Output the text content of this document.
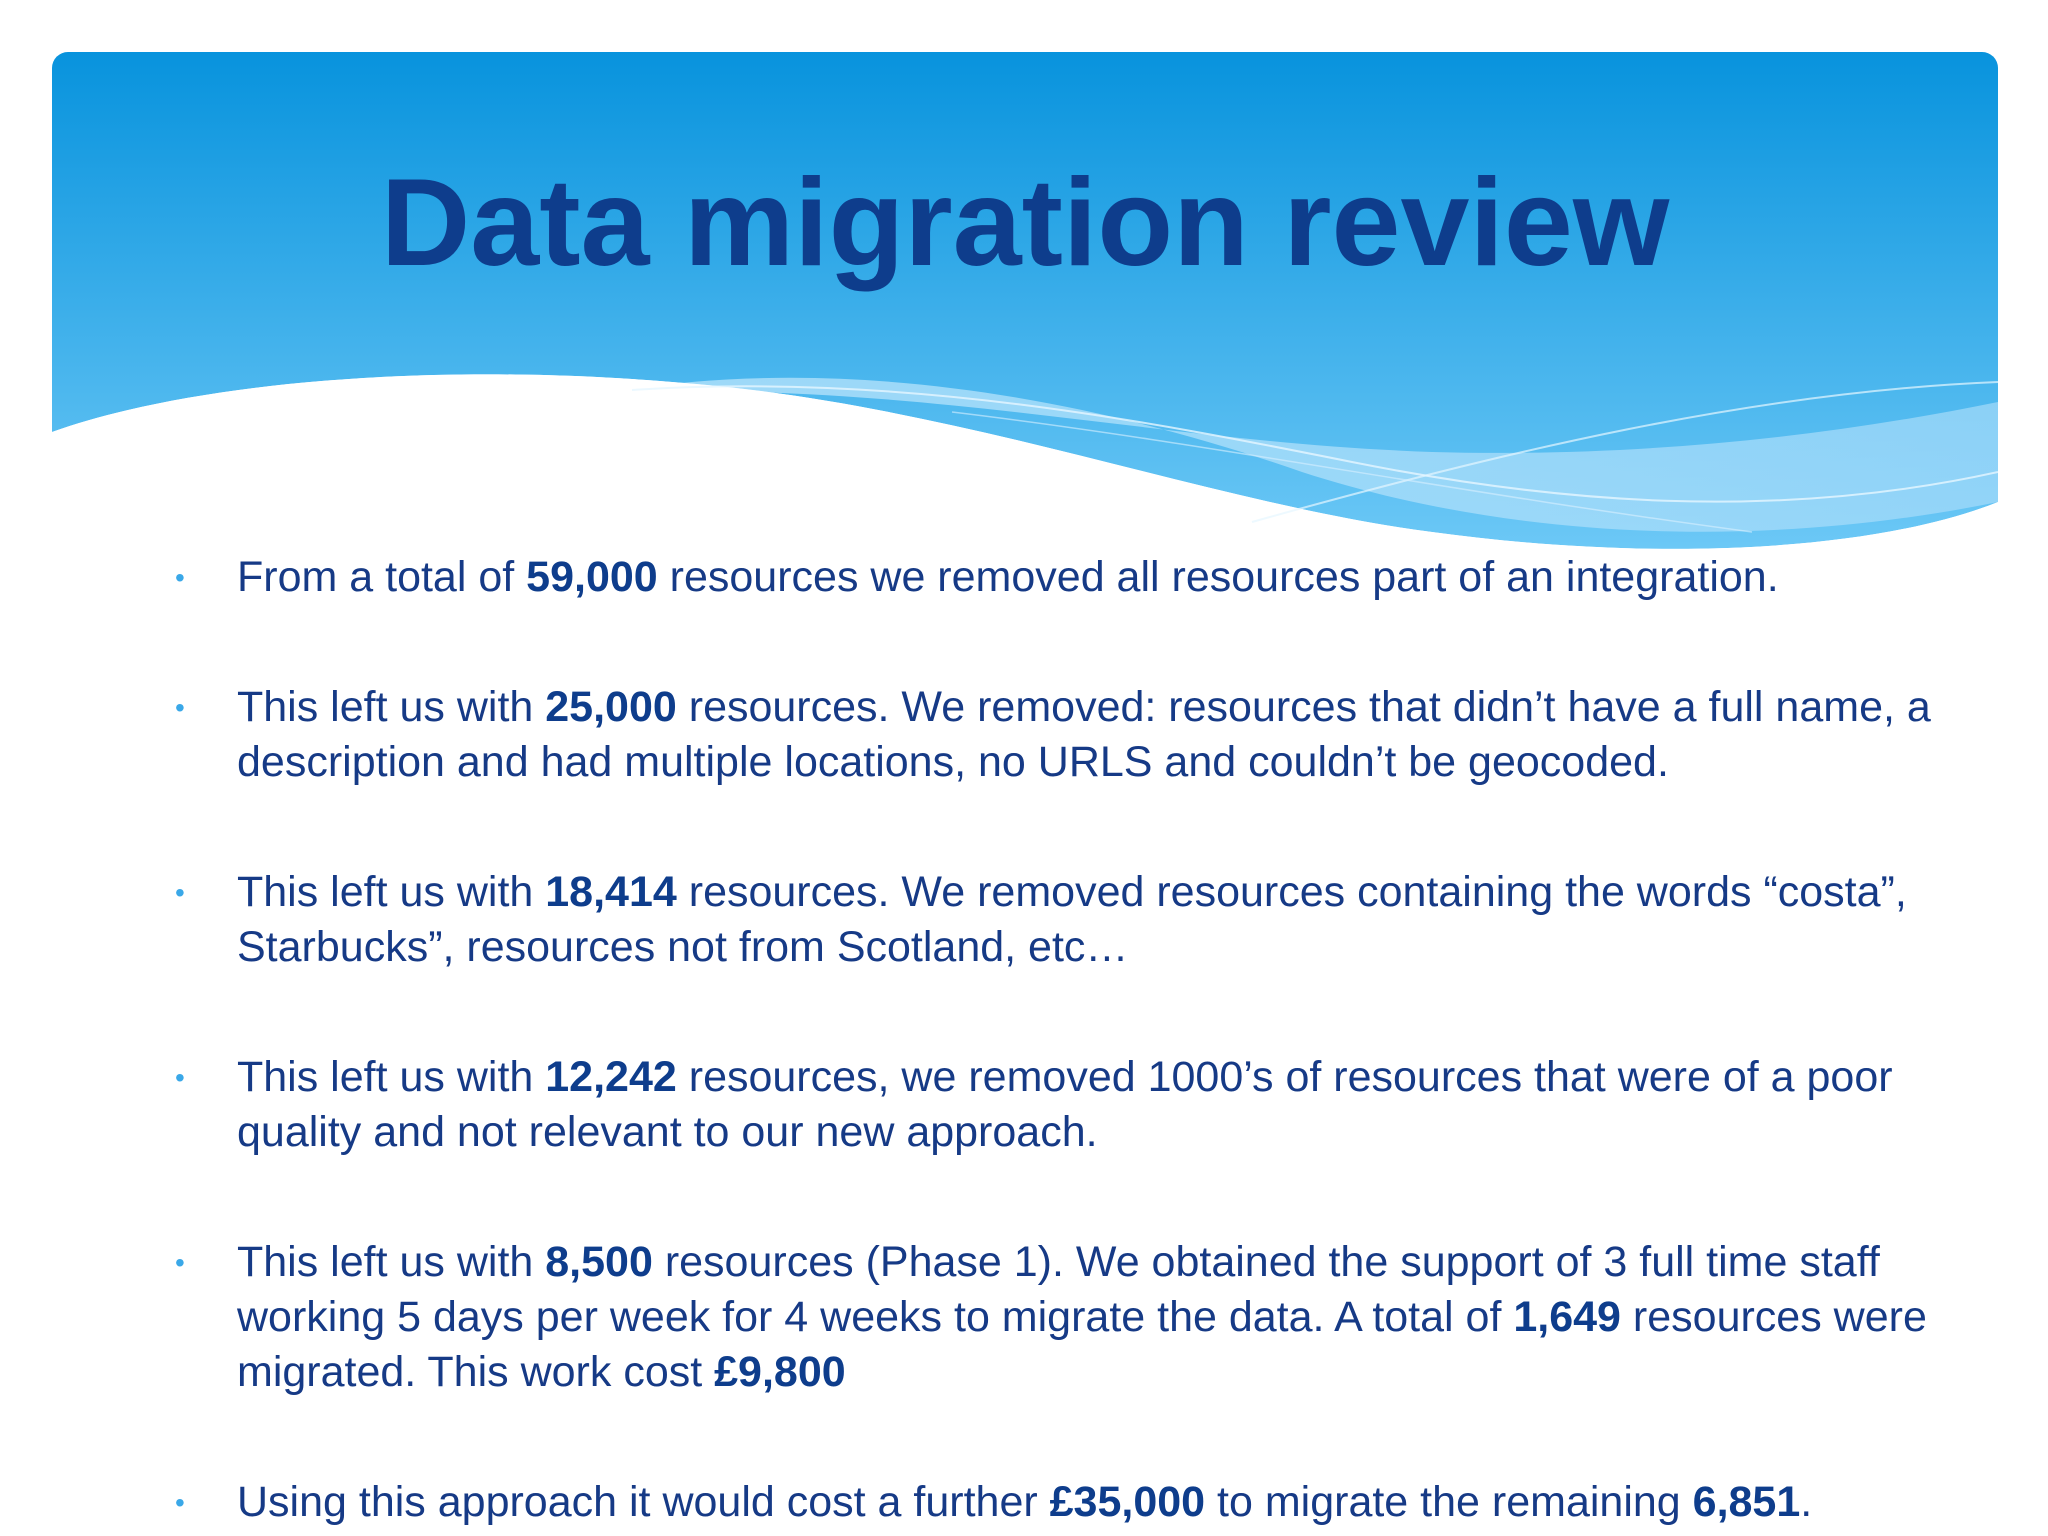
Data migration review
• From a total of 59,000 resources we removed all resources part of an integration.
• This left us with 25,000 resources. We removed: resources that didn’t have a full name, a description and had multiple locations, no URLS and couldn’t be geocoded.
• This left us with 18,414 resources. We removed resources containing the words “costa”, Starbucks”, resources not from Scotland, etc…
• This left us with 12,242 resources, we removed 1000’s of resources that were of a poor quality and not relevant to our new approach.
• This left us with 8,500 resources (Phase 1). We obtained the support of 3 full time staff working 5 days per week for 4 weeks to migrate the data. A total of 1,649 resources were migrated. This work cost £9,800
• Using this approach it would cost a further £35,000 to migrate the remaining 6,851.
